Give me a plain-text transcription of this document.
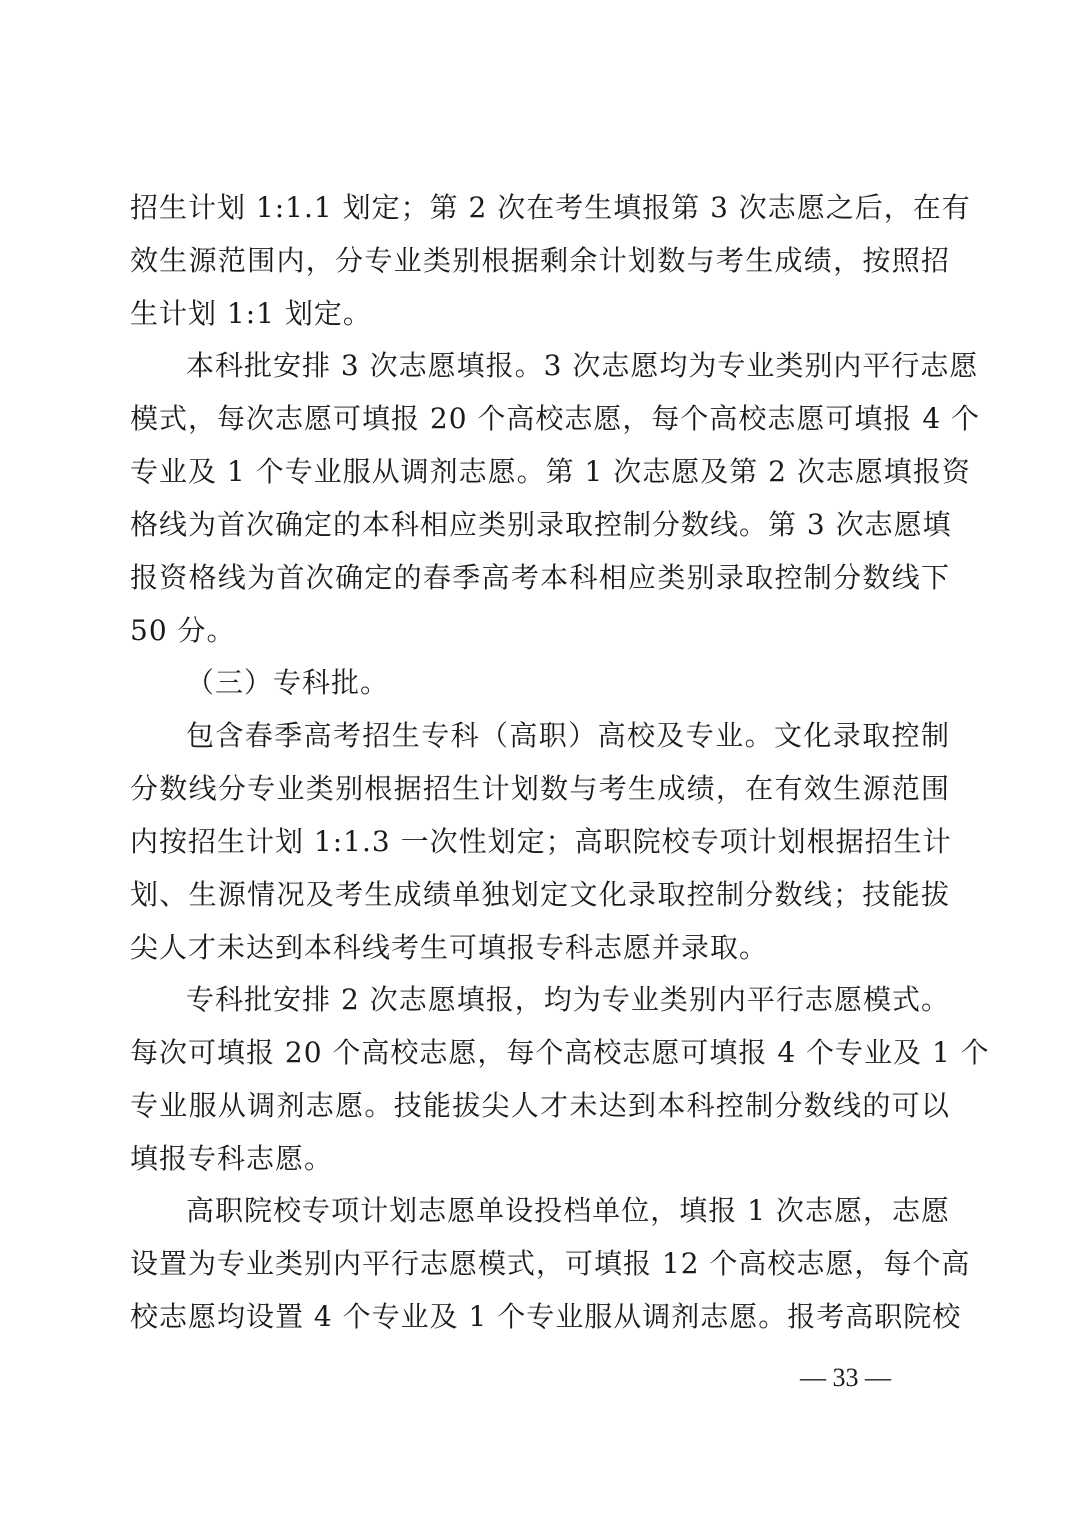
招生计划 1:1.1 划定；第 2 次在考生填报第 3 次志愿之后，在有
效生源范围内，分专业类别根据剩余计划数与考生成绩，按照招
生计划 1:1 划定。
本科批安排 3 次志愿填报。3 次志愿均为专业类别内平行志愿
模式，每次志愿可填报 20 个高校志愿，每个高校志愿可填报 4 个
专业及 1 个专业服从调剂志愿。第 1 次志愿及第 2 次志愿填报资
格线为首次确定的本科相应类别录取控制分数线。第 3 次志愿填
报资格线为首次确定的春季高考本科相应类别录取控制分数线下
50 分。
（三）专科批。
包含春季高考招生专科（高职）高校及专业。文化录取控制
分数线分专业类别根据招生计划数与考生成绩，在有效生源范围
内按招生计划 1:1.3 一次性划定；高职院校专项计划根据招生计
划、生源情况及考生成绩单独划定文化录取控制分数线；技能拔
尖人才未达到本科线考生可填报专科志愿并录取。
专科批安排 2 次志愿填报，均为专业类别内平行志愿模式。
每次可填报 20 个高校志愿，每个高校志愿可填报 4 个专业及 1 个
专业服从调剂志愿。技能拔尖人才未达到本科控制分数线的可以
填报专科志愿。
高职院校专项计划志愿单设投档单位，填报 1 次志愿，志愿
设置为专业类别内平行志愿模式，可填报 12 个高校志愿，每个高
校志愿均设置 4 个专业及 1 个专业服从调剂志愿。报考高职院校
— 33 —
